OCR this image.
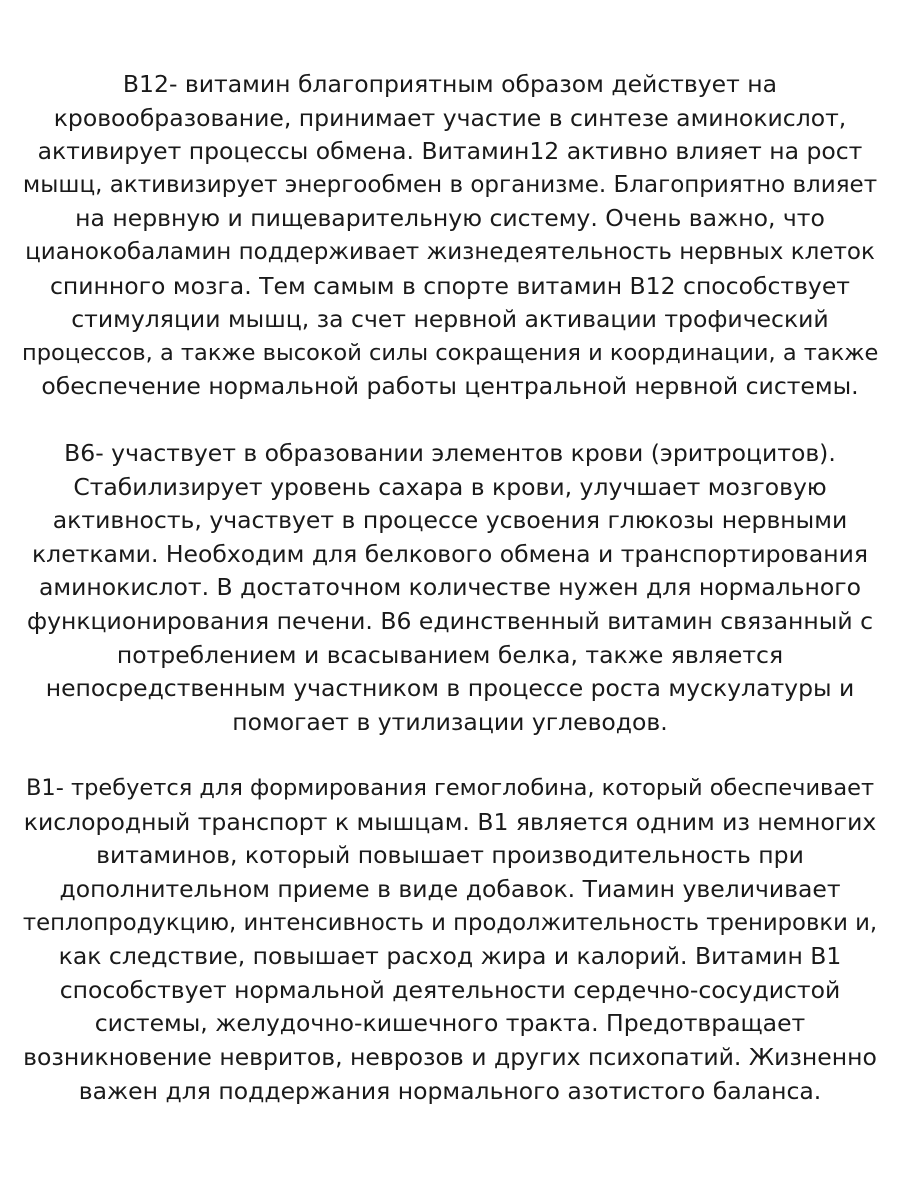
B12- витамин благоприятным образом действует на
кровообразование, принимает участие в синтезе аминокислот,
активирует процессы обмена. Витамин12 активно влияет на рост
мышц, активизирует энергообмен в организме. Благоприятно влияет
на нервную и пищеварительную систему. Очень важно, что
цианокобаламин поддерживает жизнедеятельность нервных клеток
спинного мозга. Тем самым в спорте витамин B12 способствует
стимуляции мышц, за счет нервной активации трофический
процессов, а также высокой силы сокращения и координации, а также
обеспечение нормальной работы центральной нервной системы.

B6- участвует в образовании элементов крови (эритроцитов).
Стабилизирует уровень сахара в крови, улучшает мозговую
активность, участвует в процессе усвоения глюкозы нервными
клетками. Необходим для белкового обмена и транспортирования
аминокислот. В достаточном количестве нужен для нормального
функционирования печени. В6 единственный витамин связанный с
потреблением и всасыванием белка, также является
непосредственным участником в процессе роста мускулатуры и
помогает в утилизации углеводов.

B1- требуется для формирования гемоглобина, который обеспечивает
кислородный транспорт к мышцам. B1 является одним из немногих
витаминов, который повышает производительность при
дополнительном приеме в виде добавок. Тиамин увеличивает
теплопродукцию, интенсивность и продолжительность тренировки и,
как следствие, повышает расход жира и калорий. Витамин В1
способствует нормальной деятельности сердечно-сосудистой
системы, желудочно-кишечного тракта. Предотвращает
возникновение невритов, неврозов и других психопатий. Жизненно
важен для поддержания нормального азотистого баланса.
